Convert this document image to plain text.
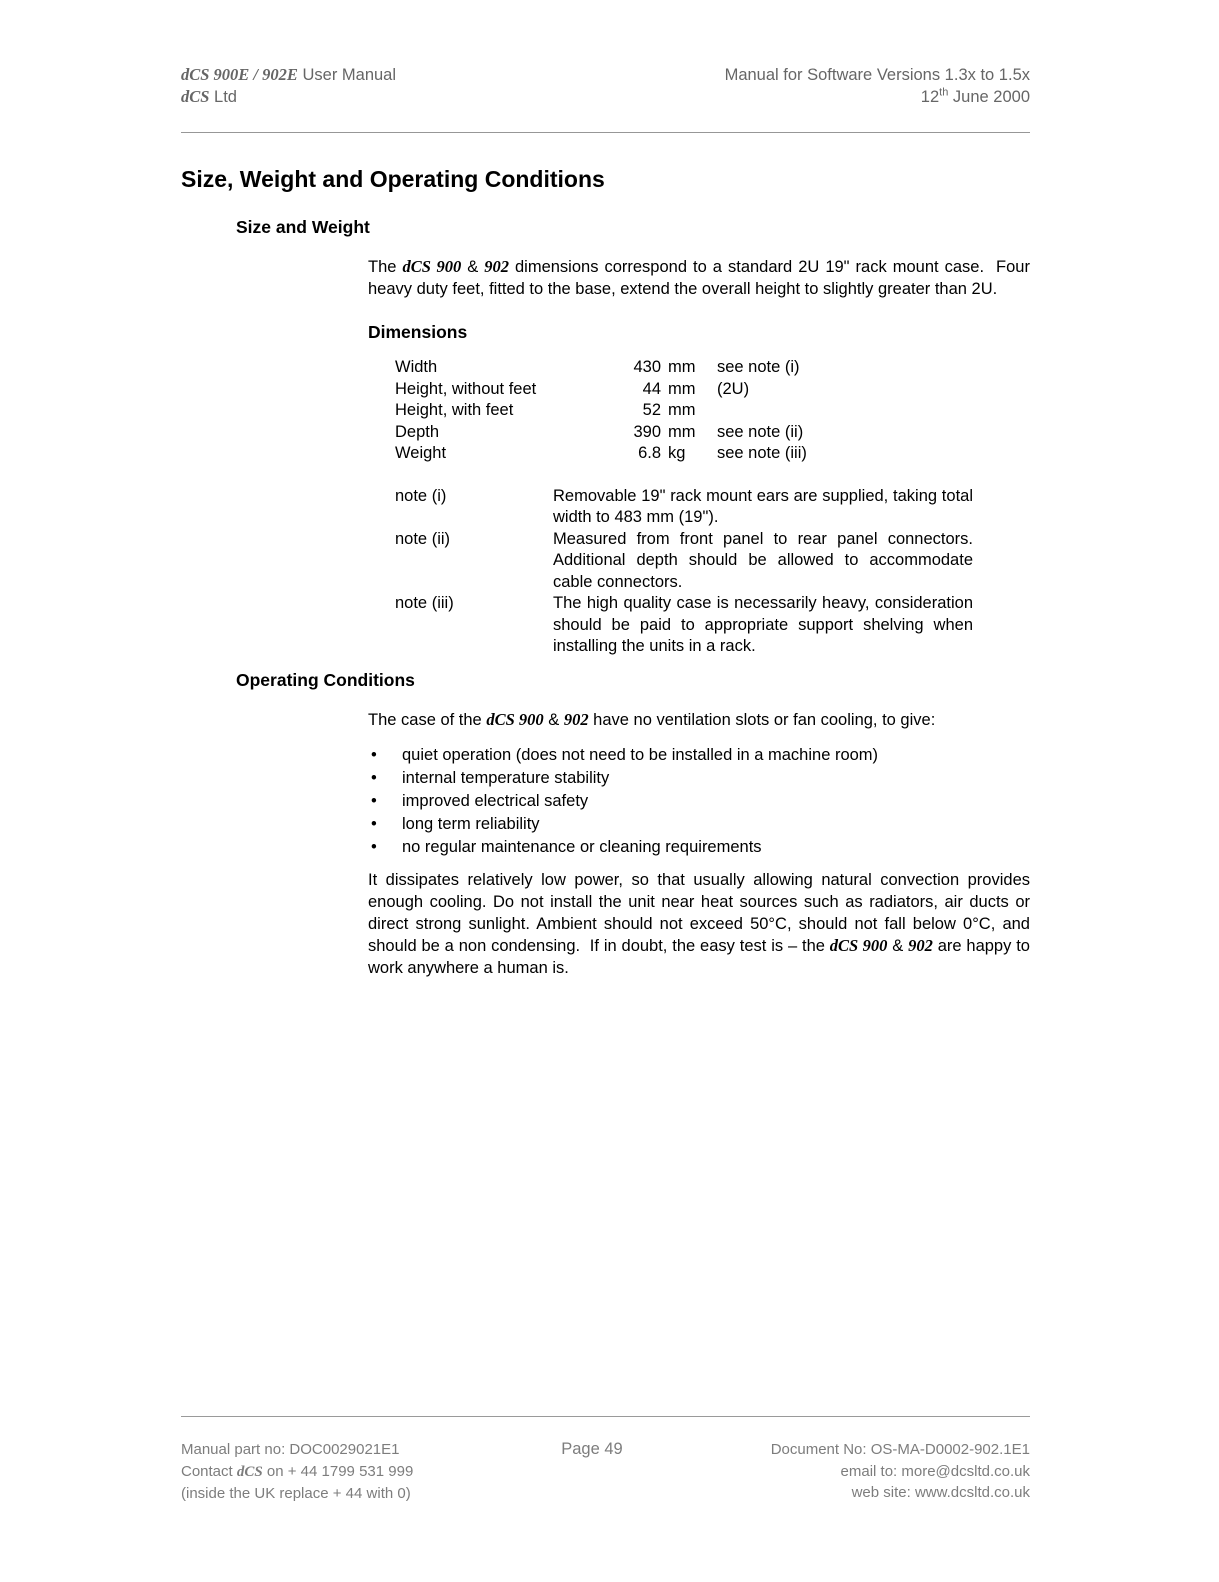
dCS 900E / 902E User Manual
dCS Ltd
Manual for Software Versions 1.3x to 1.5x
12th June 2000
Size, Weight and Operating Conditions
Size and Weight

The dCS 900 & 902 dimensions correspond to a standard 2U 19" rack mount case.  Four heavy duty feet, fitted to the base, extend the overall height to slightly greater than 2U.

Dimensions
Width	430 mm	see note (i)
Height, without feet	44 mm	(2U)
Height, with feet	52 mm	
Depth	390 mm	see note (ii)
Weight	6.8 kg	see note (iii)
note (i)	Removable 19" rack mount ears are supplied, taking total width to 483 mm (19").
note (ii)	Measured from front panel to rear panel connectors. Additional depth should be allowed to accommodate cable connectors.
note (iii)	The high quality case is necessarily heavy, consideration should be paid to appropriate support shelving when installing the units in a rack.
Operating Conditions

The case of the dCS 900 & 902 have no ventilation slots or fan cooling, to give:

• quiet operation (does not need to be installed in a machine room)
• internal temperature stability
• improved electrical safety
• long term reliability
• no regular maintenance or cleaning requirements

It dissipates relatively low power, so that usually allowing natural convection provides enough cooling. Do not install the unit near heat sources such as radiators, air ducts or direct strong sunlight. Ambient should not exceed 50°C, should not fall below 0°C, and should be a non condensing.  If in doubt, the easy test is – the dCS 900 & 902 are happy to work anywhere a human is.

Manual part no: DOC0029021E1
Contact dCS on + 44 1799 531 999
(inside the UK replace + 44 with 0)
Page 49	Document No: OS-MA-D0002-902.1E1
email to: more@dcsltd.co.uk
web site: www.dcsltd.co.uk
